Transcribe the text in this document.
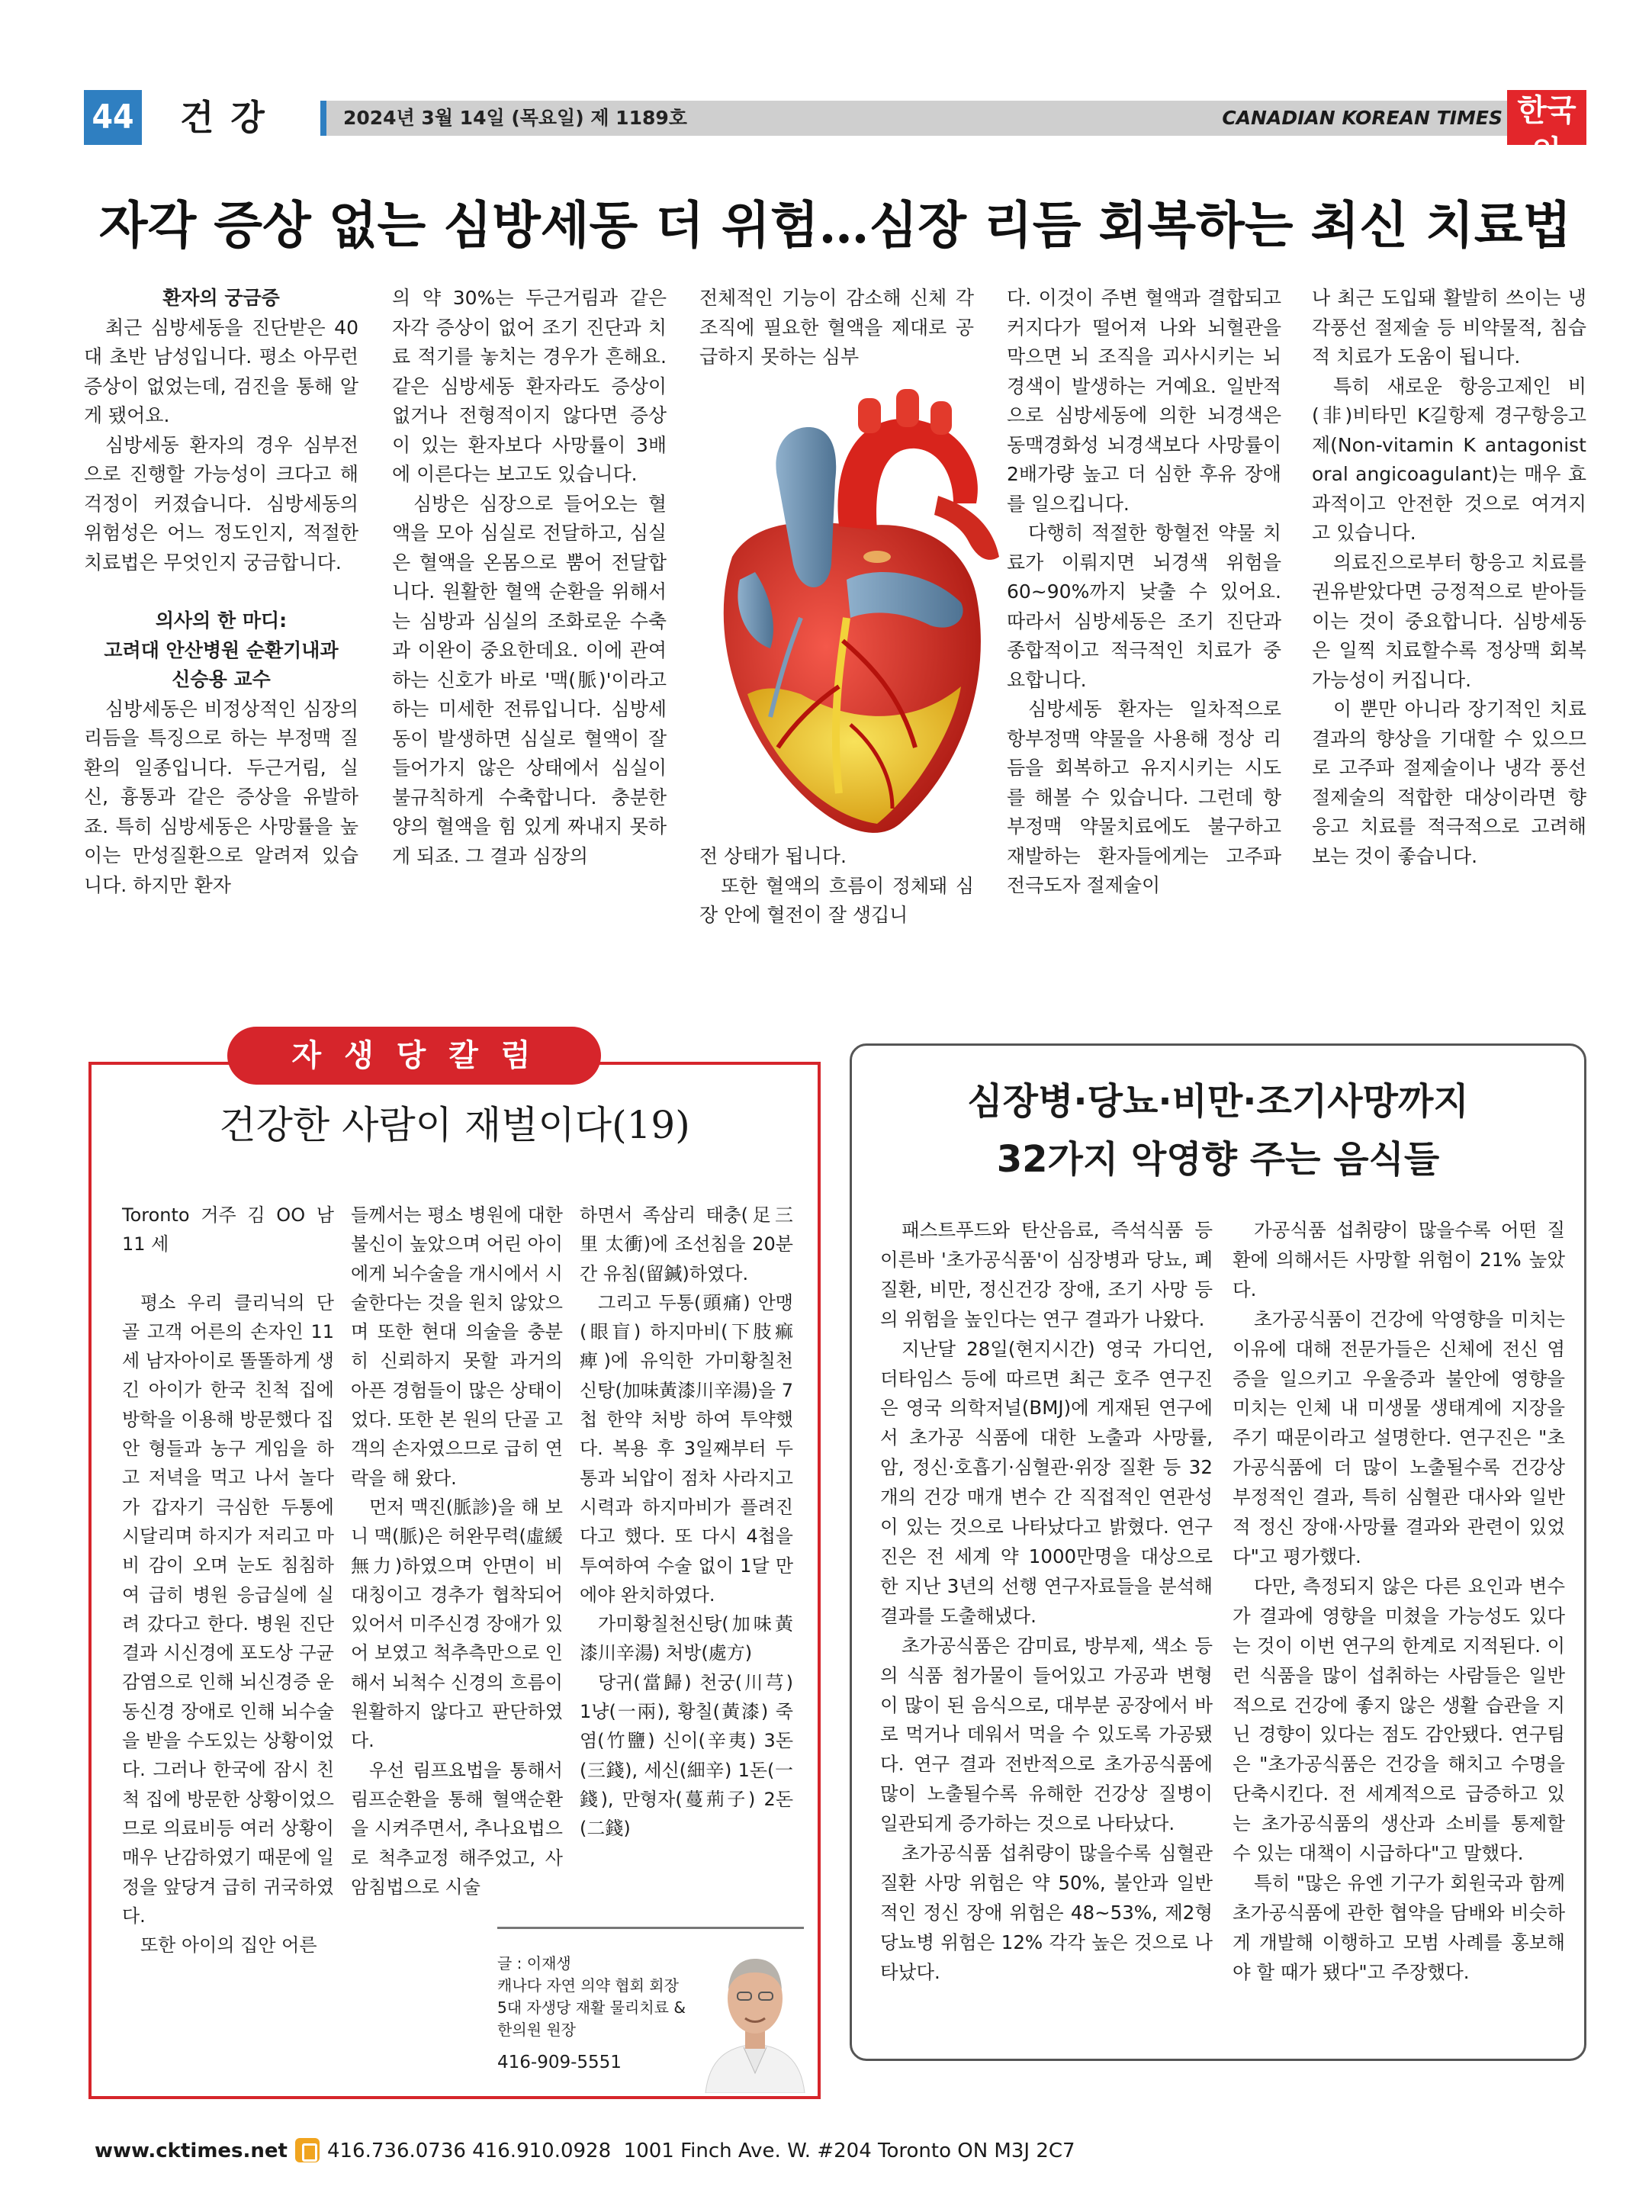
44 건강	2024년 3월 14일 (목요일) 제 1189호	CANADIAN KOREAN TIMES 한국인
CANADIAN KOREAN TIMES WEEKLY
자각 증상 없는 심방세동 더 위험…심장 리듬 회복하는 최신 치료법

환자의 궁금증

최근 심방세동을 진단받은 40대 초반 남성입니다. 평소 아무런 증상이 없었는데, 검진을 통해 알게 됐어요.

심방세동 환자의 경우 심부전으로 진행할 가능성이 크다고 해 걱정이 커졌습니다. 심방세동의 위험성은 어느 정도인지, 적절한 치료법은 무엇인지 궁금합니다.

의사의 한 마디:

고려대 안산병원 순환기내과

신승용 교수

심방세동은 비정상적인 심장의 리듬을 특징으로 하는 부정맥 질환의 일종입니다. 두근거림, 실신, 흉통과 같은 증상을 유발하죠. 특히 심방세동은 사망률을 높이는 만성질환으로 알려져 있습니다. 하지만 환자

의 약 30%는 두근거림과 같은 자각 증상이 없어 조기 진단과 치료 적기를 놓치는 경우가 흔해요. 같은 심방세동 환자라도 증상이 없거나 전형적이지 않다면 증상이 있는 환자보다 사망률이 3배에 이른다는 보고도 있습니다.

심방은 심장으로 들어오는 혈액을 모아 심실로 전달하고, 심실은 혈액을 온몸으로 뿜어 전달합니다. 원활한 혈액 순환을 위해서는 심방과 심실의 조화로운 수축과 이완이 중요한데요. 이에 관여하는 신호가 바로 '맥(脈)'이라고 하는 미세한 전류입니다. 심방세동이 발생하면 심실로 혈액이 잘 들어가지 않은 상태에서 심실이 불규칙하게 수축합니다. 충분한 양의 혈액을 힘 있게 짜내지 못하게 되죠. 그 결과 심장의

전체적인 기능이 감소해 신체 각 조직에 필요한 혈액을 제대로 공 급하지 못하는 심부

전 상태가 됩니다.

또한 혈액의 흐름이 정체돼 심장 안에 혈전이 잘 생깁니

다. 이것이 주변 혈액과 결합되고 커지다가 떨어져 나와 뇌혈관을 막으면 뇌 조직을 괴사시키는 뇌경색이 발생하는 거예요. 일반적으로 심방세동에 의한 뇌경색은 동맥경화성 뇌경색보다 사망률이 2배가량 높고 더 심한 후유 장애를 일으킵니다.

다행히 적절한 항혈전 약물 치료가 이뤄지면 뇌경색 위험을 60~90%까지 낮출 수 있어요. 따라서 심방세동은 조기 진단과 종합적이고 적극적인 치료가 중요합니다.

심방세동 환자는 일차적으로 항부정맥 약물을 사용해 정상 리듬을 회복하고 유지시키는 시도를 해볼 수 있습니다. 그런데 항부정맥 약물치료에도 불구하고 재발하는 환자들에게는 고주파 전극도자 절제술이

나 최근 도입돼 활발히 쓰이는 냉각풍선 절제술 등 비약물적, 침습적 치료가 도움이 됩니다.

특히 새로운 항응고제인 비(非)비타민 K길항제 경구항응고제(Non-vitamin K antagonist oral angicoagulant)는 매우 효과적이고 안전한 것으로 여겨지고 있습니다.

의료진으로부터 항응고 치료를 권유받았다면 긍정적으로 받아들이는 것이 중요합니다. 심방세동은 일찍 치료할수록 정상맥 회복 가능성이 커집니다.

이 뿐만 아니라 장기적인 치료 결과의 향상을 기대할 수 있으므로 고주파 절제술이나 냉각 풍선 절제술의 적합한 대상이라면 향응고 치료를 적극적으로 고려해 보는 것이 좋습니다.

자 생 당 칼 럼
건강한 사람이 재벌이다(19)

Toronto 거주 김 OO 남 11 세

평소 우리 클리닉의 단골 고객 어른의 손자인 11세 남자아이로 똘똘하게 생긴 아이가 한국 친척 집에 방학을 이용해 방문했다 집안 형들과 농구 게임을 하고 저녁을 먹고 나서 놀다가 갑자기 극심한 두통에 시달리며 하지가 저리고 마비 감이 오며 눈도 침침하여 급히 병원 응급실에 실려 갔다고 한다. 병원 진단 결과 시신경에 포도상 구균 감염으로 인해 뇌신경증 운동신경 장애로 인해 뇌수술을 받을 수도있는 상황이었다. 그러나 한국에 잠시 친척 집에 방문한 상황이었으므로 의료비등 여러 상황이 매우 난감하였기 때문에 일정을 앞당겨 급히 귀국하였다.

또한 아이의 집안 어른

들께서는 평소 병원에 대한 불신이 높았으며 어린 아이에게 뇌수술을 개시에서 시술한다는 것을 원치 않았으며 또한 현대 의술을 충분히 신뢰하지 못할 과거의 아픈 경험들이 많은 상태이었다. 또한 본 원의 단골 고객의 손자였으므로 급히 연락을 해 왔다.

먼저 맥진(脈診)을 해 보니 맥(脈)은 허완무력(虛緩無力)하였으며 안면이 비대칭이고 경추가 협착되어 있어서 미주신경 장애가 있어 보였고 척추측만으로 인해서 뇌척수 신경의 흐름이 원활하지 않다고 판단하였다.

우선 림프요법을 통해서 림프순환을 통해 혈액순환을 시켜주면서, 추나요법으로 척추교정 해주었고, 사암침법으로 시술

하면서 족삼리 태충(足三里 太衝)에 조선침을 20분간 유침(留鍼)하였다.

그리고 두통(頭痛) 안맹(眼盲) 하지마비(下肢痲痺)에 유익한 가미황칠천신탕(加味黃漆川辛湯)을 7첩 한약 처방 하여 투약했다. 복용 후 3일째부터 두통과 뇌압이 점차 사라지고 시력과 하지마비가 플려진다고 했다. 또 다시 4첩을 투여하여 수술 없이 1달 만에야 완치하였다.

가미황칠천신탕(加味黃漆川辛湯) 처방(處方)

당귀(當歸) 천궁(川芎) 1냥(一兩), 황칠(黃漆) 죽염(竹鹽) 신이(辛夷) 3돈(三錢), 세신(細辛) 1돈(一錢), 만형자(蔓荊子) 2돈(二錢)

글 : 이재생
캐나다 자연 의약 협회 회장
5대 자생당 재활 물리치료 &
한의원 원장
416-909-5551
심장병·당뇨·비만·조기사망까지
32가지 악영향 주는 음식들

패스트푸드와 탄산음료, 즉석식품 등 이른바 '초가공식품'이 심장병과 당뇨, 폐질환, 비만, 정신건강 장애, 조기 사망 등의 위험을 높인다는 연구 결과가 나왔다.

지난달 28일(현지시간) 영국 가디언, 더타임스 등에 따르면 최근 호주 연구진은 영국 의학저널(BMJ)에 게재된 연구에서 초가공 식품에 대한 노출과 사망률, 암, 정신·호흡기·심혈관·위장 질환 등 32개의 건강 매개 변수 간 직접적인 연관성이 있는 것으로 나타났다고 밝혔다. 연구진은 전 세계 약 1000만명을 대상으로 한 지난 3년의 선행 연구자료들을 분석해 결과를 도출해냈다.

초가공식품은 감미료, 방부제, 색소 등의 식품 첨가물이 들어있고 가공과 변형이 많이 된 음식으로, 대부분 공장에서 바로 먹거나 데워서 먹을 수 있도록 가공됐다. 연구 결과 전반적으로 초가공식품에 많이 노출될수록 유해한 건강상 질병이 일관되게 증가하는 것으로 나타났다.

초가공식품 섭취량이 많을수록 심혈관 질환 사망 위험은 약 50%, 불안과 일반적인 정신 장애 위험은 48~53%, 제2형 당뇨병 위험은 12% 각각 높은 것으로 나타났다.

가공식품 섭취량이 많을수록 어떤 질환에 의해서든 사망할 위험이 21% 높았다.

초가공식품이 건강에 악영향을 미치는 이유에 대해 전문가들은 신체에 전신 염증을 일으키고 우울증과 불안에 영향을 미치는 인체 내 미생물 생태계에 지장을 주기 때문이라고 설명한다. 연구진은 "초가공식품에 더 많이 노출될수록 건강상 부정적인 결과, 특히 심혈관 대사와 일반적 정신 장애·사망률 결과와 관련이 있었다"고 평가했다.

다만, 측정되지 않은 다른 요인과 변수가 결과에 영향을 미쳤을 가능성도 있다는 것이 이번 연구의 한계로 지적된다. 이런 식품을 많이 섭취하는 사람들은 일반적으로 건강에 좋지 않은 생활 습관을 지닌 경향이 있다는 점도 감안됐다. 연구팀은 "초가공식품은 건강을 해치고 수명을 단축시킨다. 전 세계적으로 급증하고 있는 초가공식품의 생산과 소비를 통제할 수 있는 대책이 시급하다"고 말했다.

특히 "많은 유엔 기구가 회원국과 함께 초가공식품에 관한 협약을 담배와 비슷하게 개발해 이행하고 모범 사례를 홍보해야 할 때가 됐다"고 주장했다.

www.cktimes.net 416.736.0736 416.910.0928 1001 Finch Ave. W. #204 Toronto ON M3J 2C7
